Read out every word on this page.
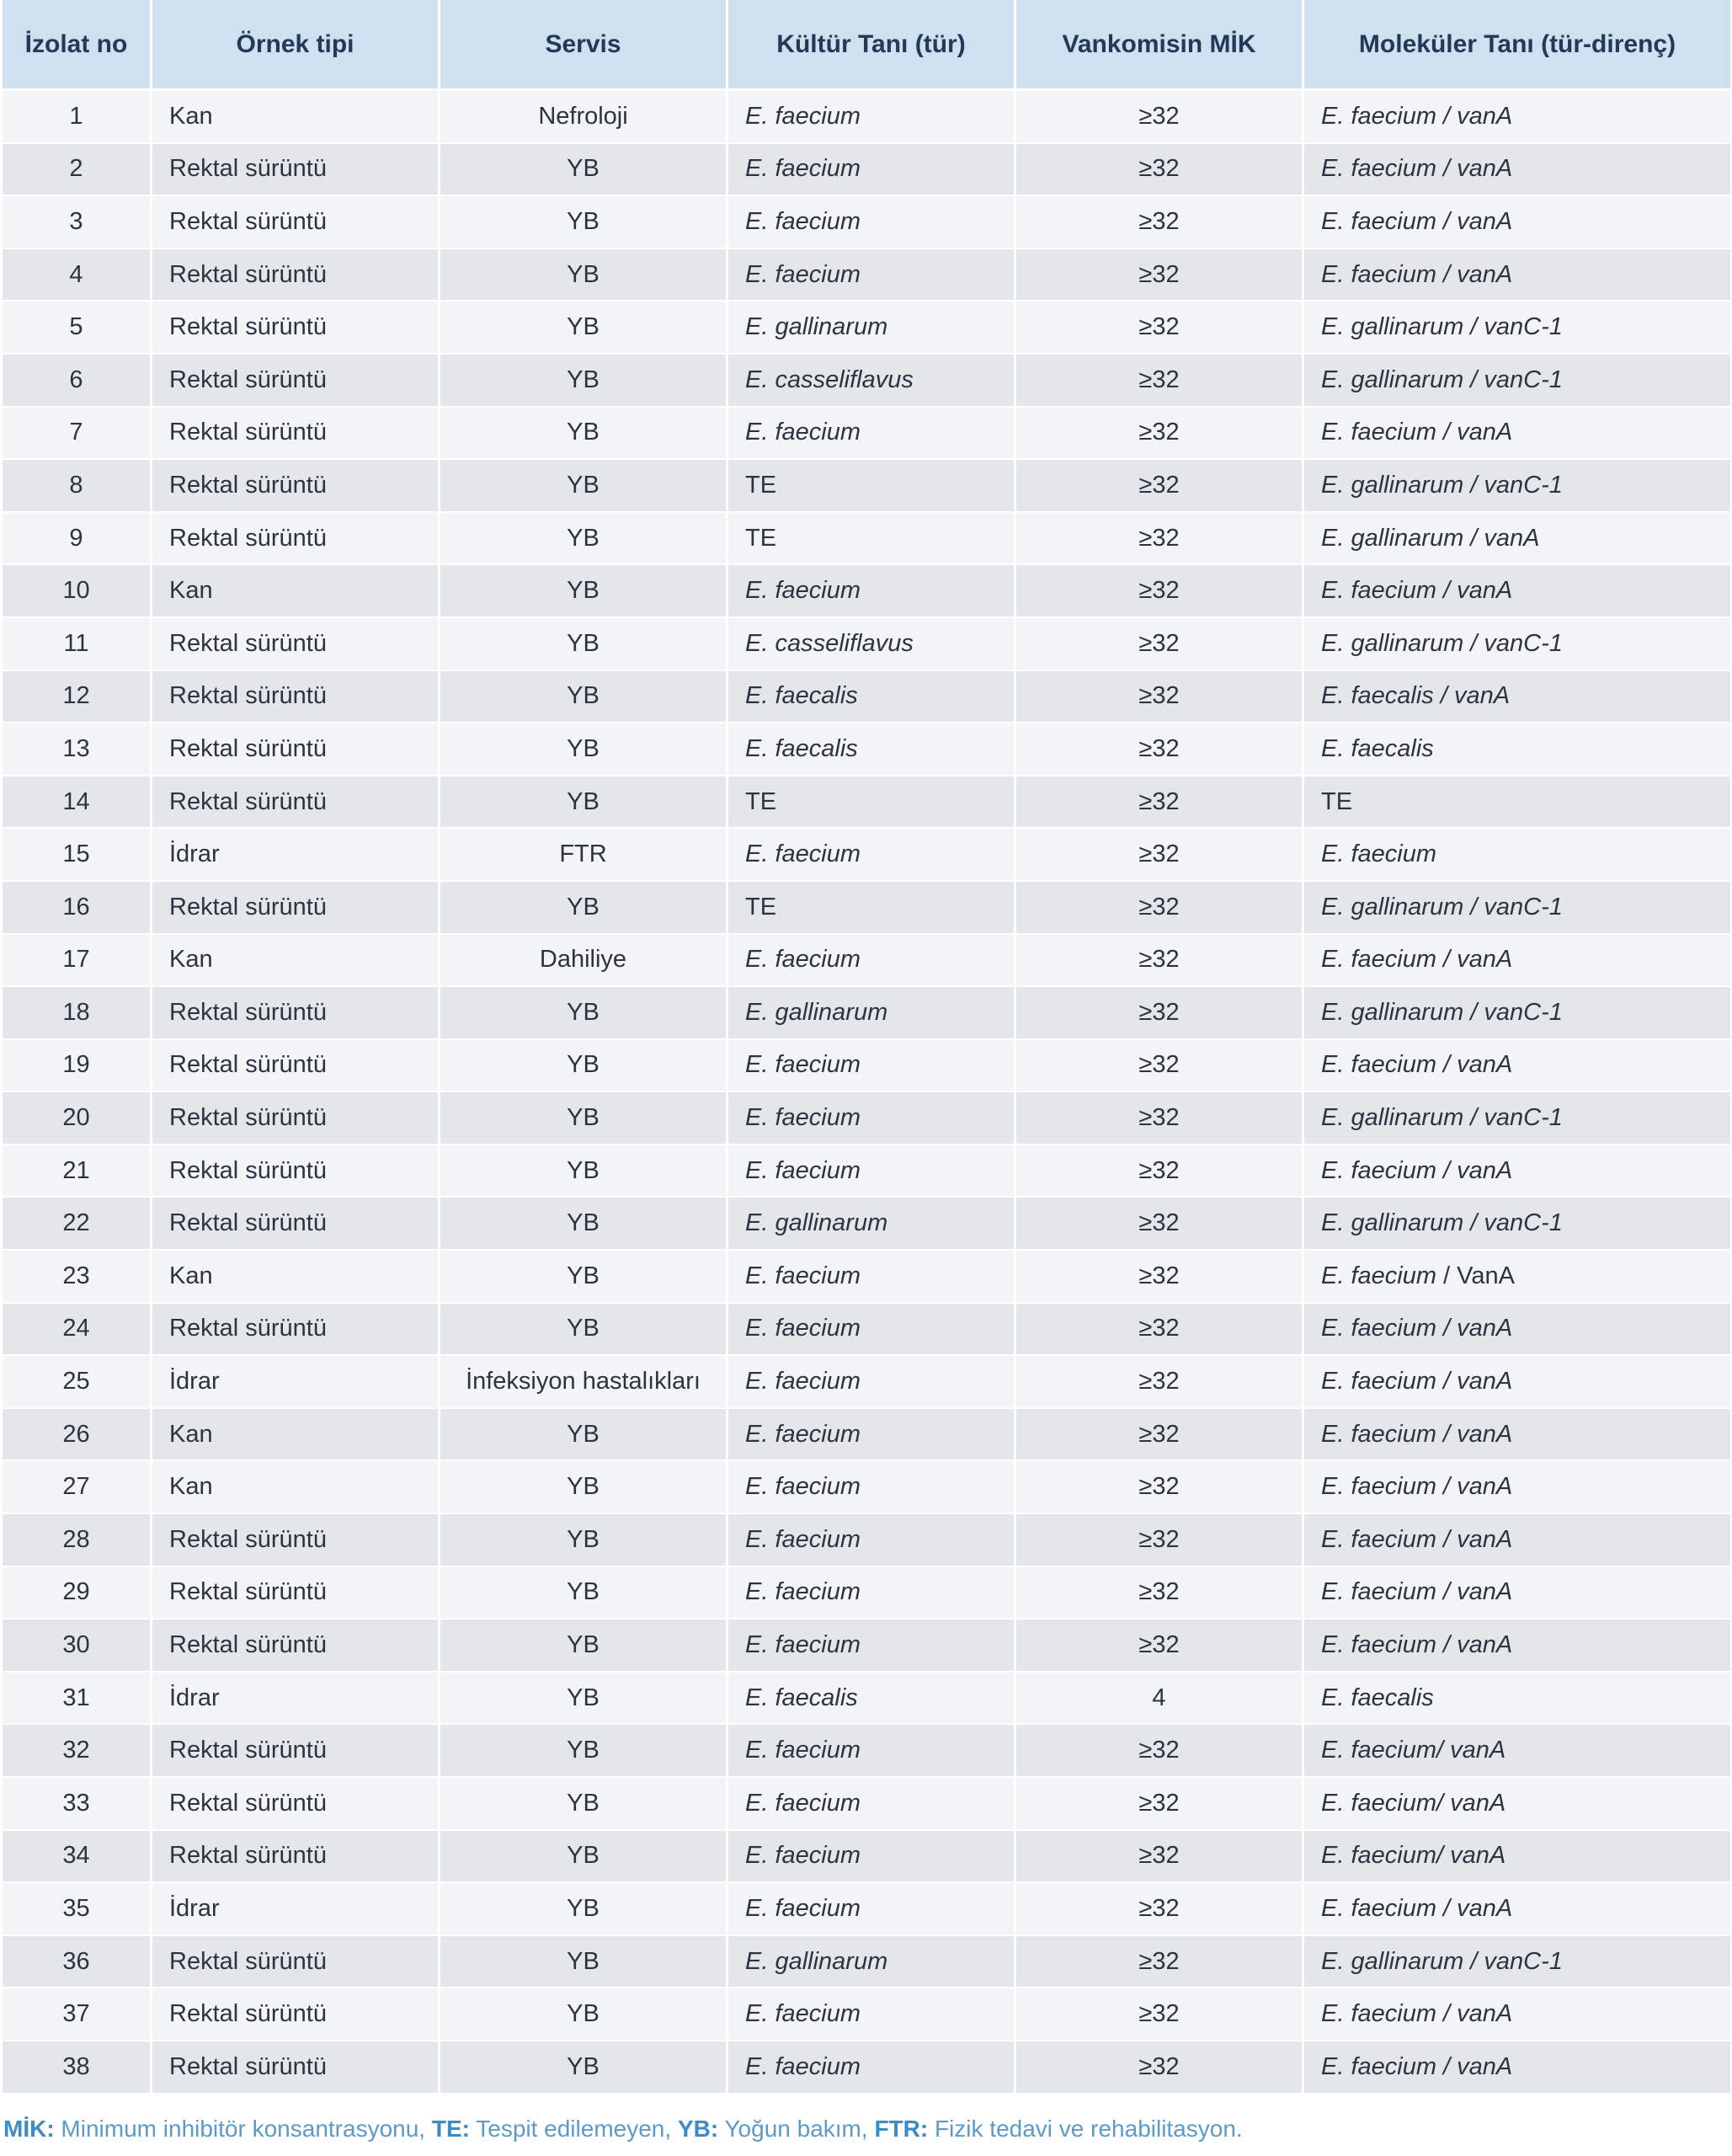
İzolat no	Örnek tipi	Servis	Kültür Tanı (tür)	Vankomisin MİK	Moleküler Tanı (tür-direnç)
1	Kan	Nefroloji	E. faecium	≥32	E. faecium / vanA
2	Rektal sürüntü	YB	E. faecium	≥32	E. faecium / vanA
3	Rektal sürüntü	YB	E. faecium	≥32	E. faecium / vanA
4	Rektal sürüntü	YB	E. faecium	≥32	E. faecium / vanA
5	Rektal sürüntü	YB	E. gallinarum	≥32	E. gallinarum / vanC-1
6	Rektal sürüntü	YB	E. casseliflavus	≥32	E. gallinarum / vanC-1
7	Rektal sürüntü	YB	E. faecium	≥32	E. faecium / vanA
8	Rektal sürüntü	YB	TE	≥32	E. gallinarum / vanC-1
9	Rektal sürüntü	YB	TE	≥32	E. gallinarum / vanA
10	Kan	YB	E. faecium	≥32	E. faecium / vanA
11	Rektal sürüntü	YB	E. casseliflavus	≥32	E. gallinarum / vanC-1
12	Rektal sürüntü	YB	E. faecalis	≥32	E. faecalis / vanA
13	Rektal sürüntü	YB	E. faecalis	≥32	E. faecalis
14	Rektal sürüntü	YB	TE	≥32	TE
15	İdrar	FTR	E. faecium	≥32	E. faecium
16	Rektal sürüntü	YB	TE	≥32	E. gallinarum / vanC-1
17	Kan	Dahiliye	E. faecium	≥32	E. faecium / vanA
18	Rektal sürüntü	YB	E. gallinarum	≥32	E. gallinarum / vanC-1
19	Rektal sürüntü	YB	E. faecium	≥32	E. faecium / vanA
20	Rektal sürüntü	YB	E. faecium	≥32	E. gallinarum / vanC-1
21	Rektal sürüntü	YB	E. faecium	≥32	E. faecium / vanA
22	Rektal sürüntü	YB	E. gallinarum	≥32	E. gallinarum / vanC-1
23	Kan	YB	E. faecium	≥32	E. faecium / VanA
24	Rektal sürüntü	YB	E. faecium	≥32	E. faecium / vanA
25	İdrar	İnfeksiyon hastalıkları	E. faecium	≥32	E. faecium / vanA
26	Kan	YB	E. faecium	≥32	E. faecium / vanA
27	Kan	YB	E. faecium	≥32	E. faecium / vanA
28	Rektal sürüntü	YB	E. faecium	≥32	E. faecium / vanA
29	Rektal sürüntü	YB	E. faecium	≥32	E. faecium / vanA
30	Rektal sürüntü	YB	E. faecium	≥32	E. faecium / vanA
31	İdrar	YB	E. faecalis	4	E. faecalis
32	Rektal sürüntü	YB	E. faecium	≥32	E. faecium/ vanA
33	Rektal sürüntü	YB	E. faecium	≥32	E. faecium/ vanA
34	Rektal sürüntü	YB	E. faecium	≥32	E. faecium/ vanA
35	İdrar	YB	E. faecium	≥32	E. faecium / vanA
36	Rektal sürüntü	YB	E. gallinarum	≥32	E. gallinarum / vanC-1
37	Rektal sürüntü	YB	E. faecium	≥32	E. faecium / vanA
38	Rektal sürüntü	YB	E. faecium	≥32	E. faecium / vanA
MİK: Minimum inhibitör konsantrasyonu, TE: Tespit edilemeyen, YB: Yoğun bakım, FTR: Fizik tedavi ve rehabilitasyon.
